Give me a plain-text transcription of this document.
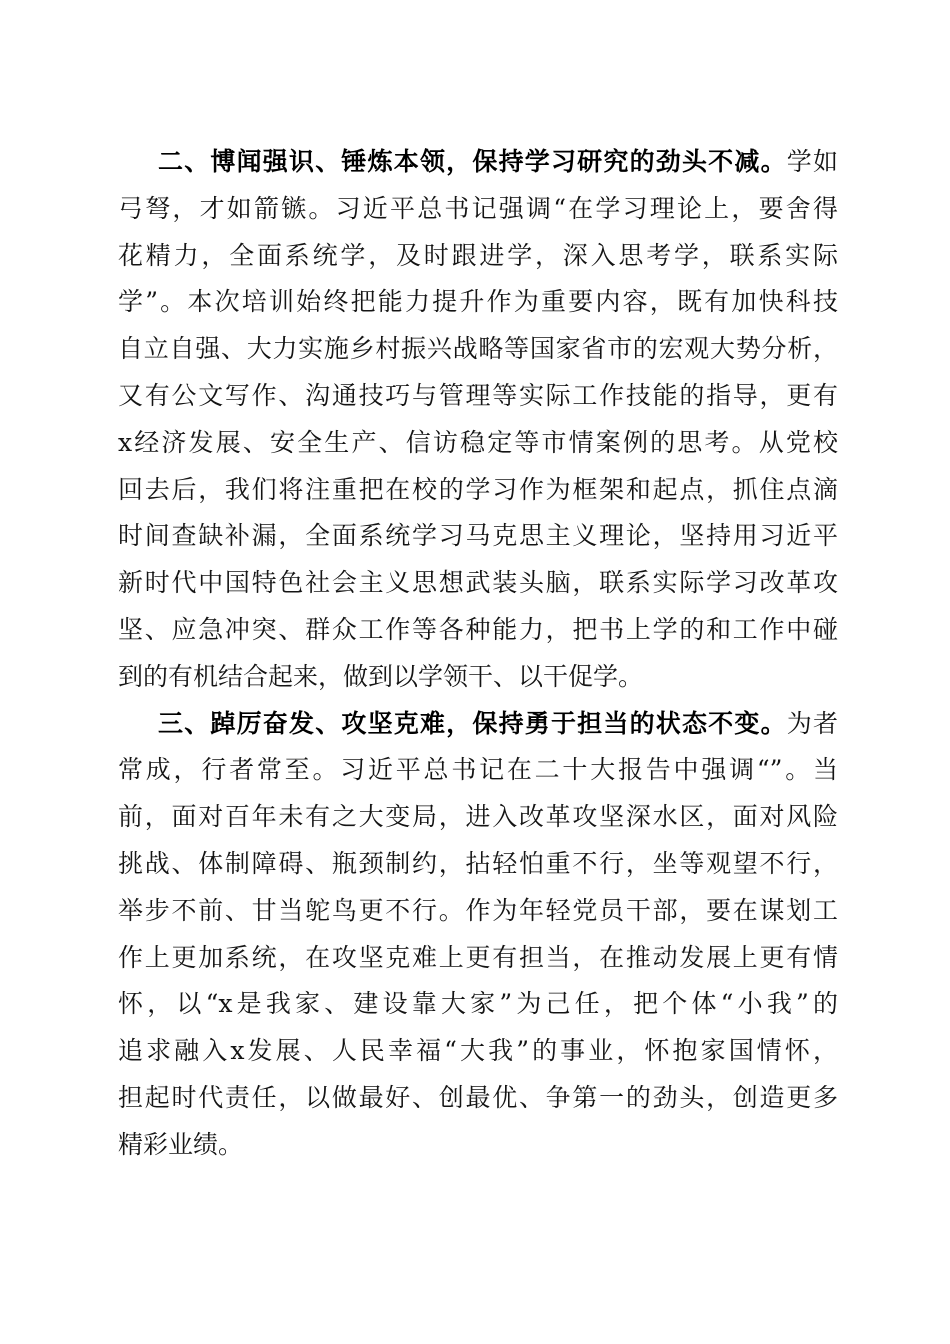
二、博闻强识、锤炼本领，保持学习研究的劲头不减。学如
弓弩，才如箭镞。习近平总书记强调“在学习理论上，要舍得
花精力，全面系统学，及时跟进学，深入思考学，联系实际
学”。本次培训始终把能力提升作为重要内容，既有加快科技
自立自强、大力实施乡村振兴战略等国家省市的宏观大势分析，
又有公文写作、沟通技巧与管理等实际工作技能的指导，更有
x经济发展、安全生产、信访稳定等市情案例的思考。从党校
回去后，我们将注重把在校的学习作为框架和起点，抓住点滴
时间查缺补漏，全面系统学习马克思主义理论，坚持用习近平
新时代中国特色社会主义思想武装头脑，联系实际学习改革攻
坚、应急冲突、群众工作等各种能力，把书上学的和工作中碰
到的有机结合起来，做到以学领干、以干促学。
三、踔厉奋发、攻坚克难，保持勇于担当的状态不变。为者
常成，行者常至。习近平总书记在二十大报告中强调“”。当
前，面对百年未有之大变局，进入改革攻坚深水区，面对风险
挑战、体制障碍、瓶颈制约，拈轻怕重不行，坐等观望不行，
举步不前、甘当鸵鸟更不行。作为年轻党员干部，要在谋划工
作上更加系统，在攻坚克难上更有担当，在推动发展上更有情
怀，以“x是我家、建设靠大家”为己任，把个体“小我”的
追求融入x发展、人民幸福“大我”的事业，怀抱家国情怀，
担起时代责任，以做最好、创最优、争第一的劲头，创造更多
精彩业绩。
